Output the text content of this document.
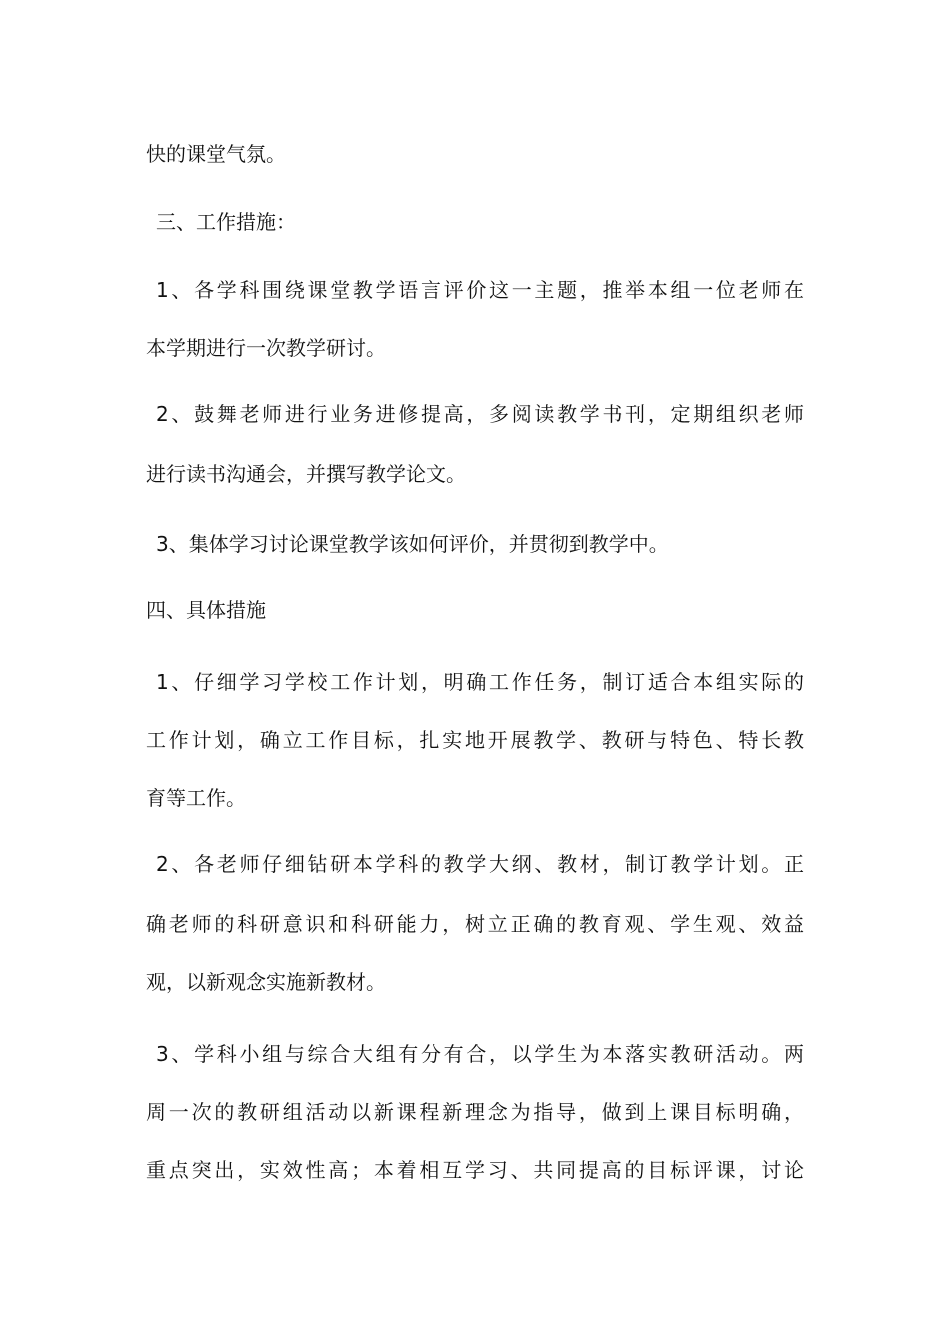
快的课堂气氛。
三、工作措施：
1、各学科围绕课堂教学语言评价这一主题，推举本组一位老师在
本学期进行一次教学研讨。
2、鼓舞老师进行业务进修提高，多阅读教学书刊，定期组织老师
进行读书沟通会，并撰写教学论文。
3、集体学习讨论课堂教学该如何评价，并贯彻到教学中。
四、具体措施
1、仔细学习学校工作计划，明确工作任务，制订适合本组实际的
工作计划，确立工作目标，扎实地开展教学、教研与特色、特长教
育等工作。
2、各老师仔细钻研本学科的教学大纲、教材，制订教学计划。正
确老师的科研意识和科研能力，树立正确的教育观、学生观、效益
观，以新观念实施新教材。
3、学科小组与综合大组有分有合，以学生为本落实教研活动。两
周一次的教研组活动以新课程新理念为指导，做到上课目标明确，
重点突出，实效性高；本着相互学习、共同提高的目标评课，讨论
